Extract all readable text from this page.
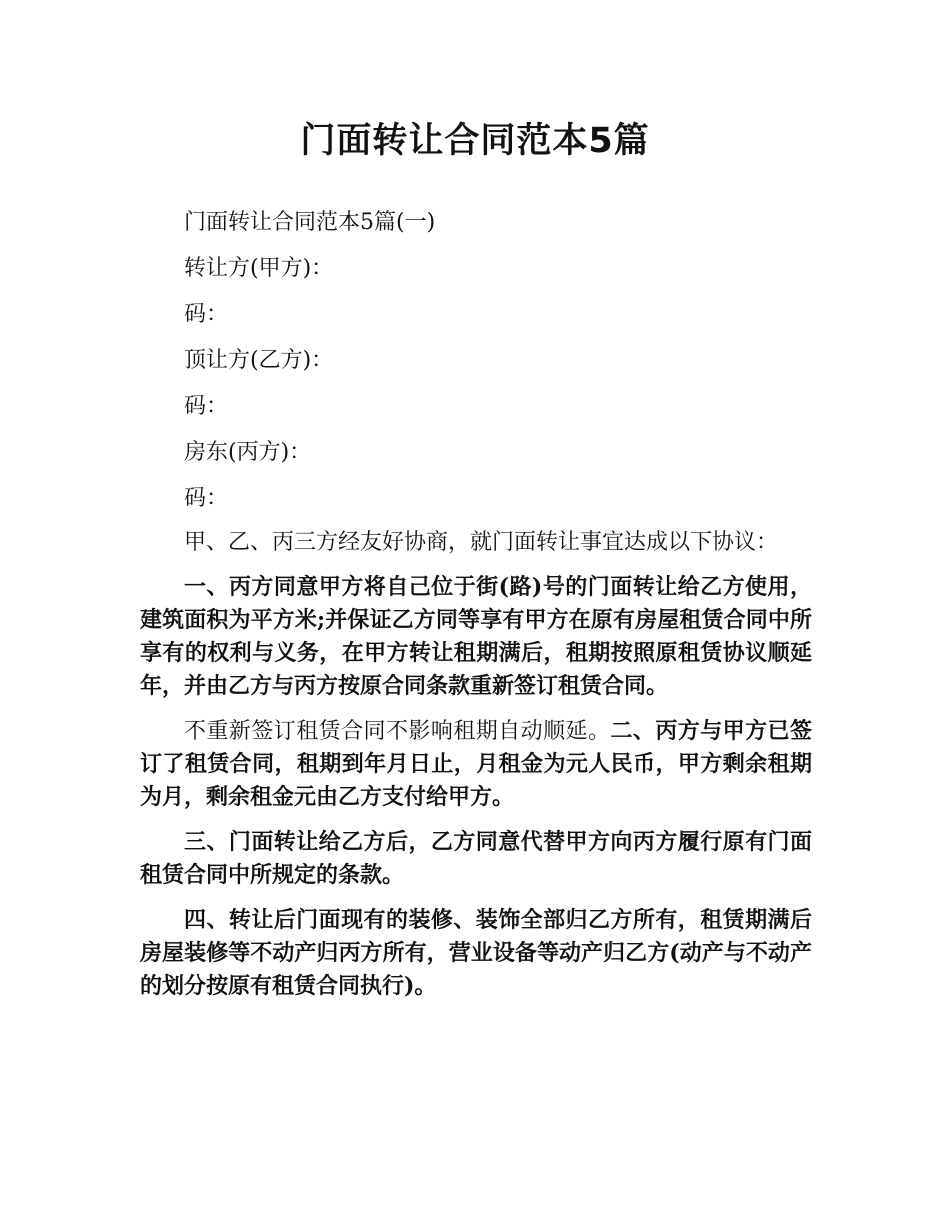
门面转让合同范本5篇
门面转让合同范本5篇(一)
转让方(甲方)：
码：
顶让方(乙方)：
码：
房东(丙方)：
码：

甲、乙、丙三方经友好协商，就门面转让事宜达成以下协议：

一、丙方同意甲方将自己位于街(路)号的门面转让给乙方使用，建筑面积为平方米;并保证乙方同等享有甲方在原有房屋租赁合同中所享有的权利与义务，在甲方转让租期满后，租期按照原租赁协议顺延年，并由乙方与丙方按原合同条款重新签订租赁合同。

不重新签订租赁合同不影响租期自动顺延。二、丙方与甲方已签订了租赁合同，租期到年月日止，月租金为元人民币，甲方剩余租期为月，剩余租金元由乙方支付给甲方。

三、门面转让给乙方后，乙方同意代替甲方向丙方履行原有门面租赁合同中所规定的条款。

四、转让后门面现有的装修、装饰全部归乙方所有，租赁期满后房屋装修等不动产归丙方所有，营业设备等动产归乙方(动产与不动产的划分按原有租赁合同执行)。
